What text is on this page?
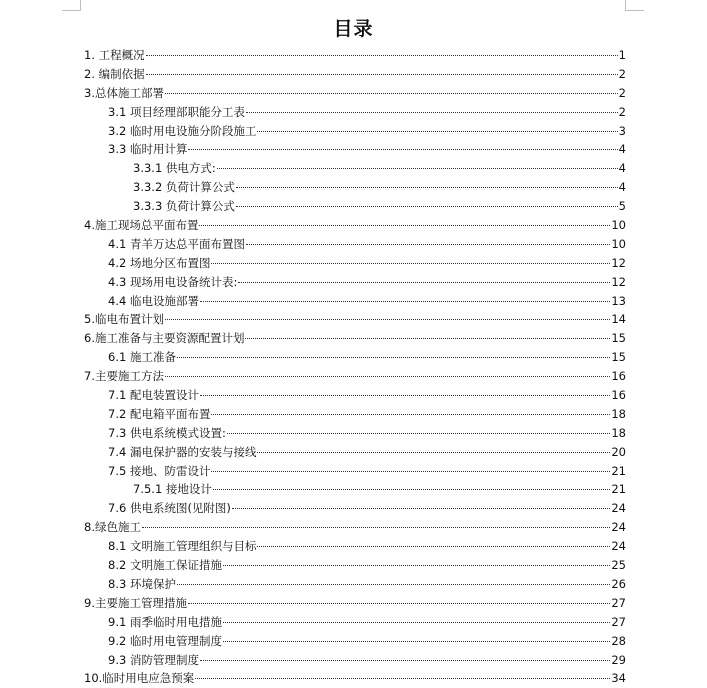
目录
1. 工程概况	1
2. 编制依据	2
3.总体施工部署	2
3.1 项目经理部职能分工表	2
3.2 临时用电设施分阶段施工	3
3.3 临时用计算	4
3.3.1 供电方式:	4
3.3.2 负荷计算公式	4
3.3.3 负荷计算公式	5
4.施工现场总平面布置	10
4.1 青羊万达总平面布置图	10
4.2 场地分区布置图	12
4.3 现场用电设备统计表:	12
4.4 临电设施部署	13
5.临电布置计划	14
6.施工准备与主要资源配置计划	15
6.1 施工准备	15
7.主要施工方法	16
7.1 配电装置设计	16
7.2 配电箱平面布置	18
7.3 供电系统模式设置:	18
7.4 漏电保护器的安装与接线	20
7.5 接地、防雷设计	21
7.5.1 接地设计	21
7.6 供电系统图(见附图)	24
8.绿色施工	24
8.1 文明施工管理组织与目标	24
8.2 文明施工保证措施	25
8.3 环境保护	26
9.主要施工管理措施	27
9.1 雨季临时用电措施	27
9.2 临时用电管理制度	28
9.3 消防管理制度	29
10.临时用电应急预案	34
